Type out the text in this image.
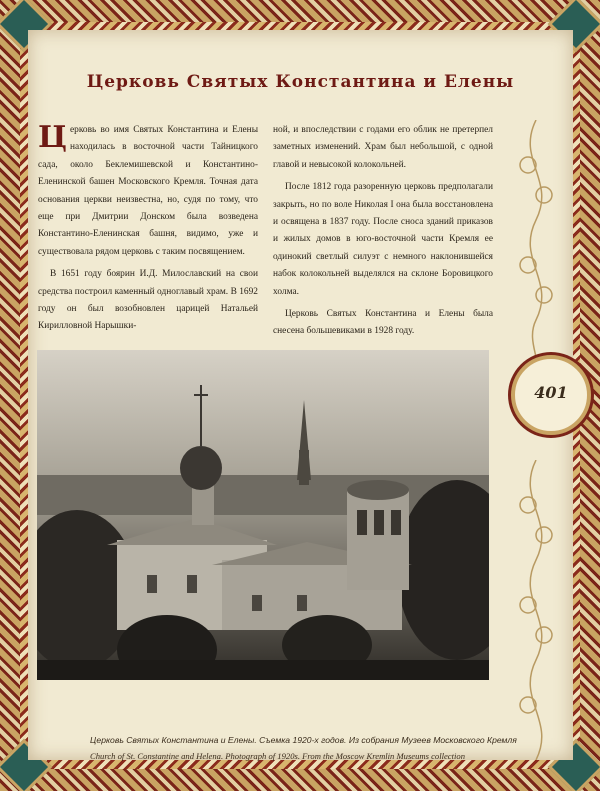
Церковь Святых Константина и Елены

Церковь во имя Святых Константина и Елены находилась в восточной части Тайницкого сада, около Беклемишевской и Константино-Еленинской башен Московского Кремля. Точная дата основания церкви неизвестна, но, судя по тому, что еще при Дмитрии Донском была возведена Константино-Еленинская башня, видимо, уже и существовала рядом церковь с таким посвящением.

В 1651 году боярин И.Д. Милославский на свои средства построил каменный одноглавый храм. В 1692 году он был возобновлен царицей Натальей Кирилловной Нарышки-

ной, и впоследствии с годами его облик не претерпел заметных изменений. Храм был небольшой, с одной главой и невысокой колокольней.

После 1812 года разоренную церковь предполагали закрыть, но по воле Николая I она была восстановлена и освящена в 1837 году. После сноса зданий приказов и жилых домов в юго-восточной части Кремля ее одинокий светлый силуэт с немного наклонившейся набок колокольней выделялся на склоне Боровицкого холма.

Церковь Святых Константина и Елены была снесена большевиками в 1928 году.

401
Церковь Святых Константина и Елены. Съемка 1920-х годов. Из собрания Музеев Московского Кремля
Church of St. Constantine and Helena. Photograph of 1920s. From the Moscow Kremlin Museums collection
